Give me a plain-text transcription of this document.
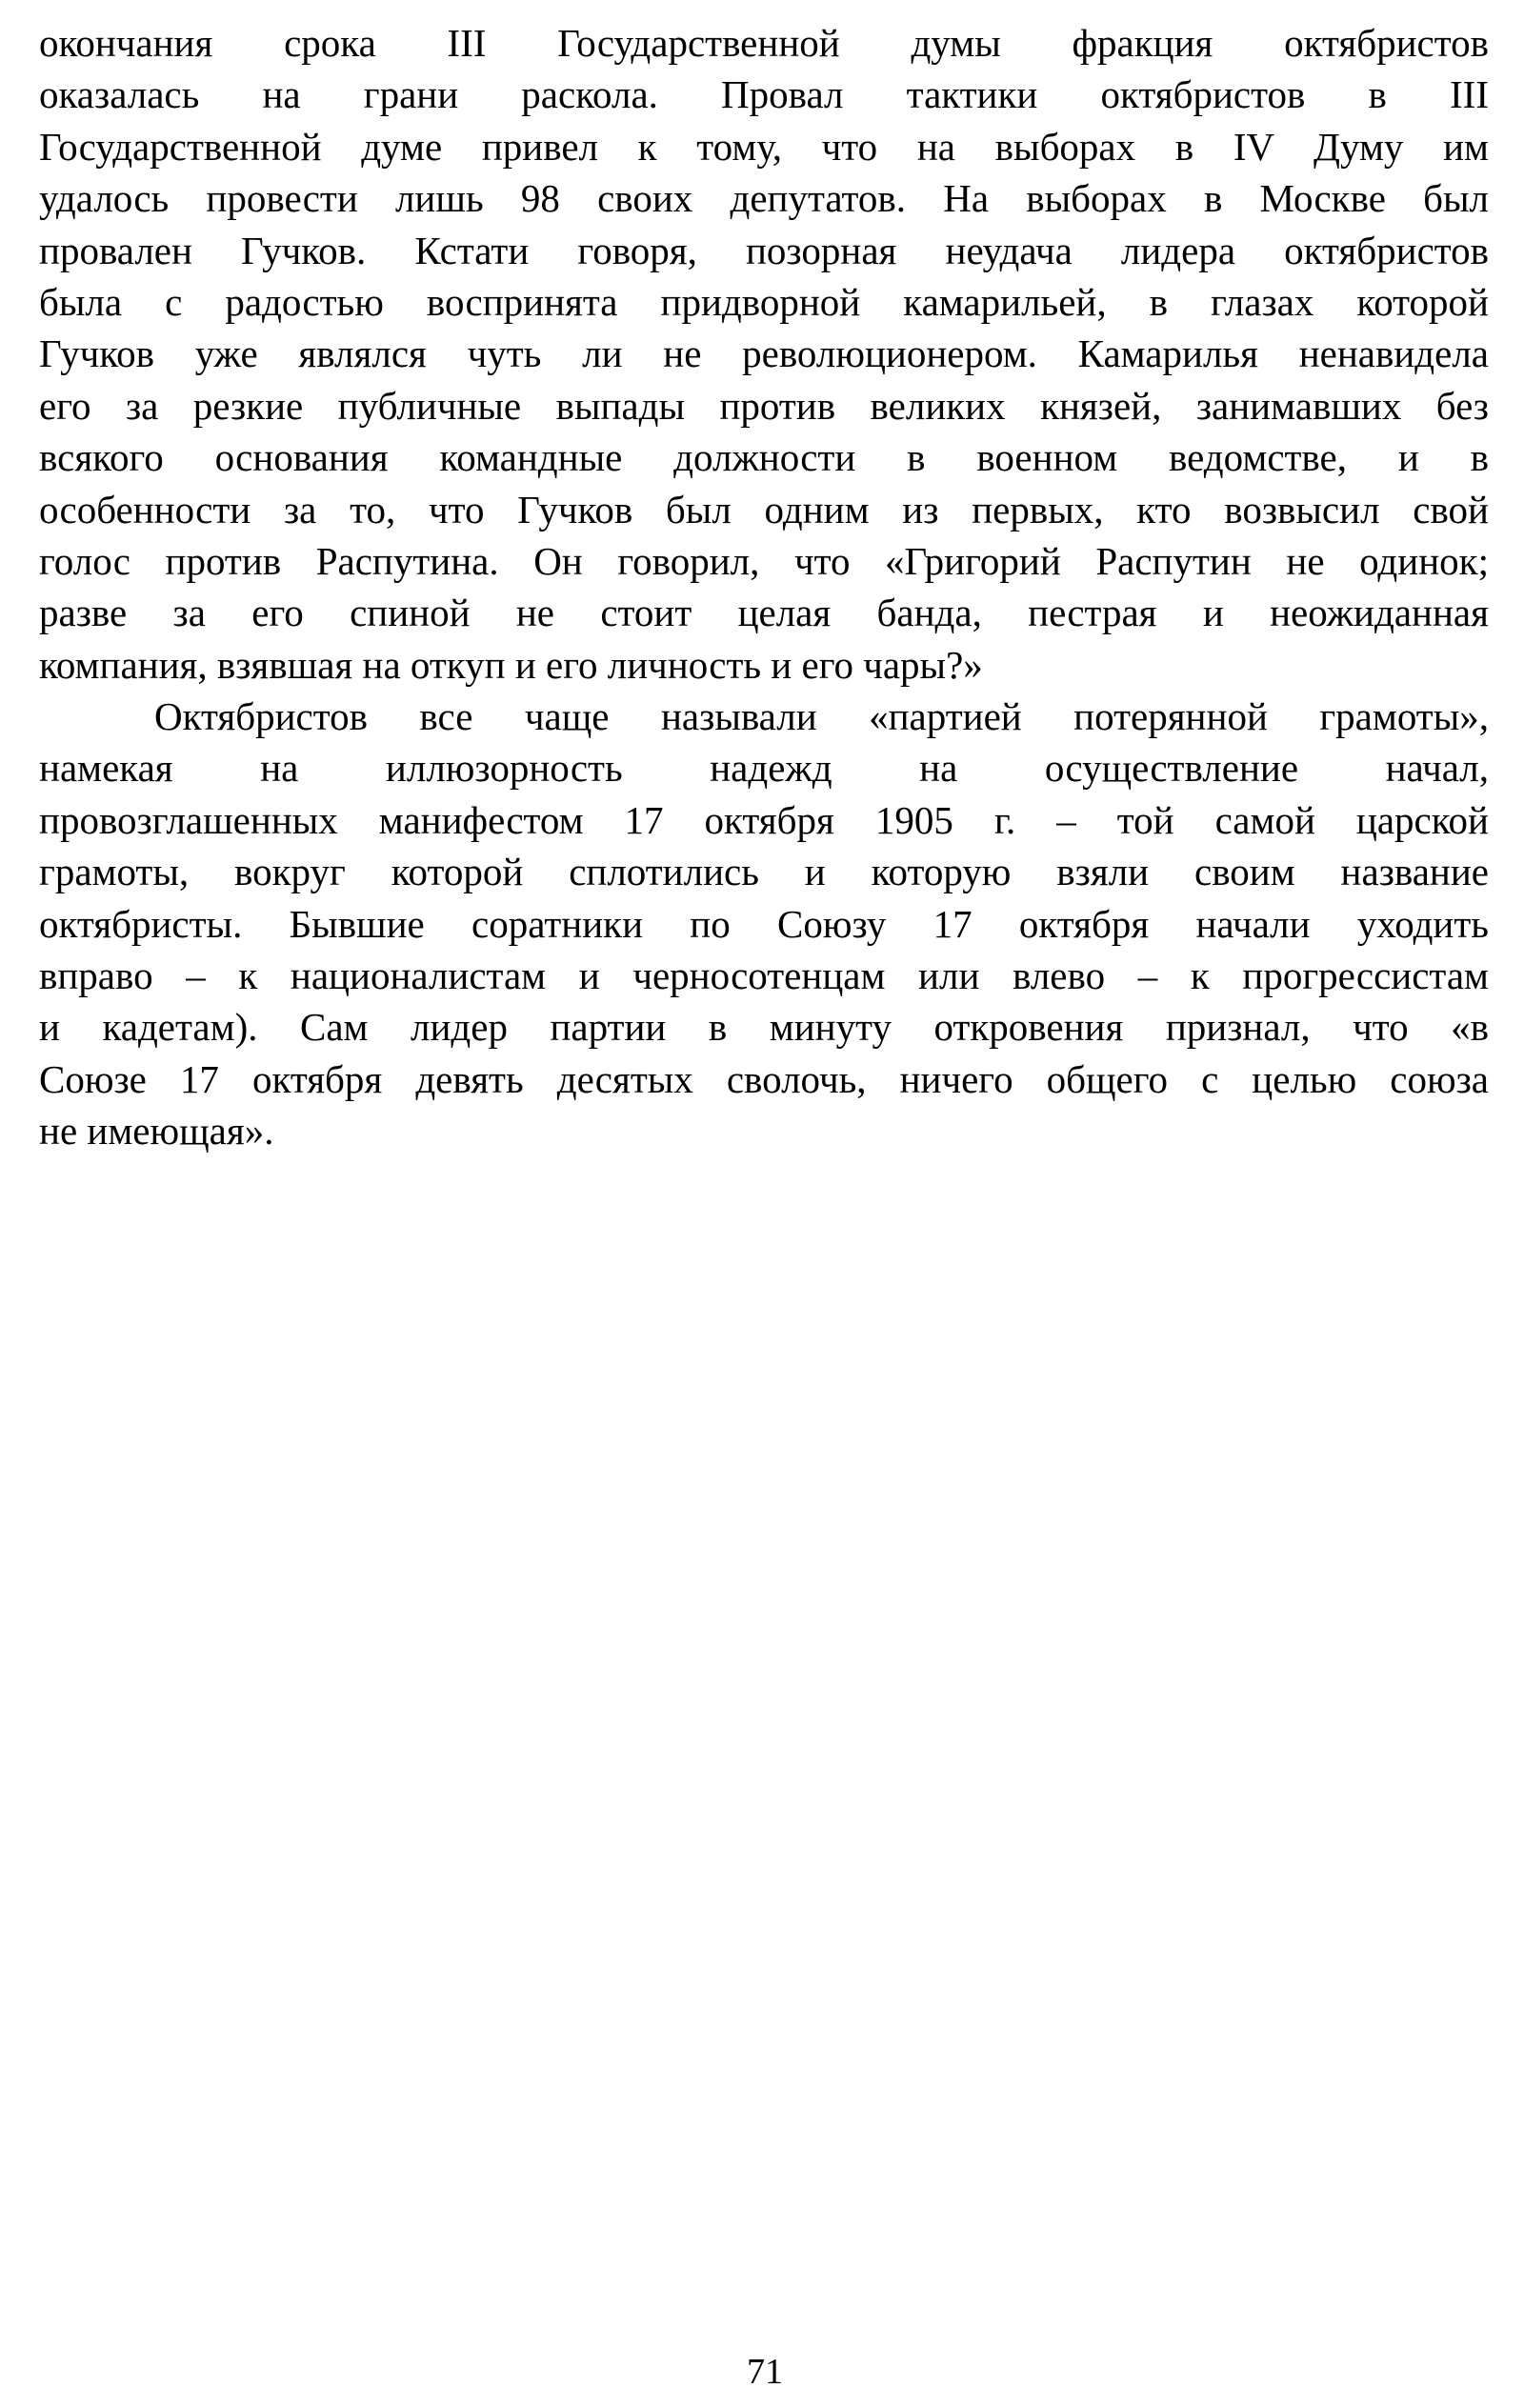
окончания срока III Государственной думы фракция октябристов
оказалась на грани раскола. Провал тактики октябристов в III
Государственной думе привел к тому, что на выборах в IV Думу им
удалось провести лишь 98 своих депутатов. На выборах в Москве был
провален Гучков. Кстати говоря, позорная неудача лидера октябристов
была с радостью воспринята придворной камарильей, в глазах которой
Гучков уже являлся чуть ли не революционером. Камарилья ненавидела
его за резкие публичные выпады против великих князей, занимавших без
всякого основания командные должности в военном ведомстве, и в
особенности за то, что Гучков был одним из первых, кто возвысил свой
голос против Распутина. Он говорил, что «Григорий Распутин не одинок;
разве за его спиной не стоит целая банда, пестрая и неожиданная
компания, взявшая на откуп и его личность и его чары?»
Октябристов все чаще называли «партией потерянной грамоты»,
намекая на иллюзорность надежд на осуществление начал,
провозглашенных манифестом 17 октября 1905 г. – той самой царской
грамоты, вокруг которой сплотились и которую взяли своим название
октябристы. Бывшие соратники по Союзу 17 октября начали уходить
вправо – к националистам и черносотенцам или влево – к прогрессистам
и кадетам). Сам лидер партии в минуту откровения признал, что «в
Союзе 17 октября девять десятых сволочь, ничего общего с целью союза
не имеющая».
71
